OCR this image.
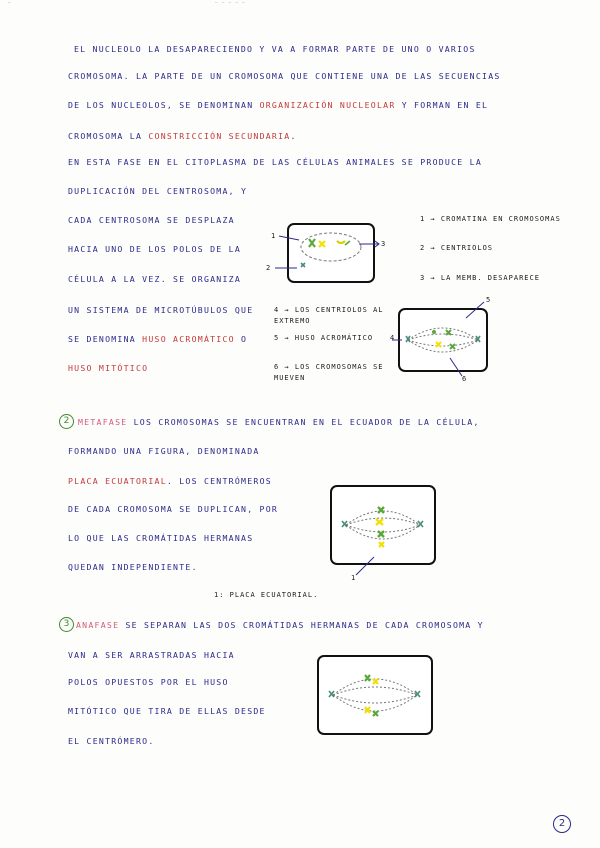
—	— — — — —
EL NUCLEOLO LA DESAPARECIENDO Y VA A FORMAR PARTE DE UNO O VARIOS
CROMOSOMA. LA PARTE DE UN CROMOSOMA QUE CONTIENE UNA DE LAS SECUENCIAS
DE LOS NUCLEOLOS, SE DENOMINAN ORGANIZACIÓN NUCLEOLAR Y FORMAN EN EL
CROMOSOMA LA CONSTRICCIÓN SECUNDARIA.
EN ESTA FASE EN EL CITOPLASMA DE LAS CÉLULAS ANIMALES SE PRODUCE LA
DUPLICACIÓN DEL CENTROSOMA, Y
CADA CENTROSOMA SE DESPLAZA
HACIA UNO DE LOS POLOS DE LA
CÉLULA A LA VEZ. SE ORGANIZA
UN SISTEMA DE MICROTÚBULOS QUE
SE DENOMINA HUSO ACROMÁTICO O
HUSO MITÓTICO
1
2
3
1 → CROMATINA EN CROMOSOMAS
2 → CENTRIOLOS
3 → LA MEMB. DESAPARECE
4 → LOS CENTRIOLOS AL EXTREMO
5 → HUSO ACROMÁTICO
6 → LOS CROMOSOMAS SE MUEVEN
5
4
6
2	METAFASE LOS CROMOSOMAS SE ENCUENTRAN EN EL ECUADOR DE LA CÉLULA,
FORMANDO UNA FIGURA, DENOMINADA
PLACA ECUATORIAL. LOS CENTRÓMEROS
DE CADA CROMOSOMA SE DUPLICAN, POR
LO QUE LAS CROMÁTIDAS HERMANAS
QUEDAN INDEPENDIENTE.
1
1: PLACA ECUATORIAL.
3 ANAFASE SE SEPARAN LAS DOS CROMÁTIDAS HERMANAS DE CADA CROMOSOMA Y
VAN A SER ARRASTRADAS HACIA
POLOS OPUESTOS POR EL HUSO
MITÓTICO QUE TIRA DE ELLAS DESDE
EL CENTRÓMERO.
2
